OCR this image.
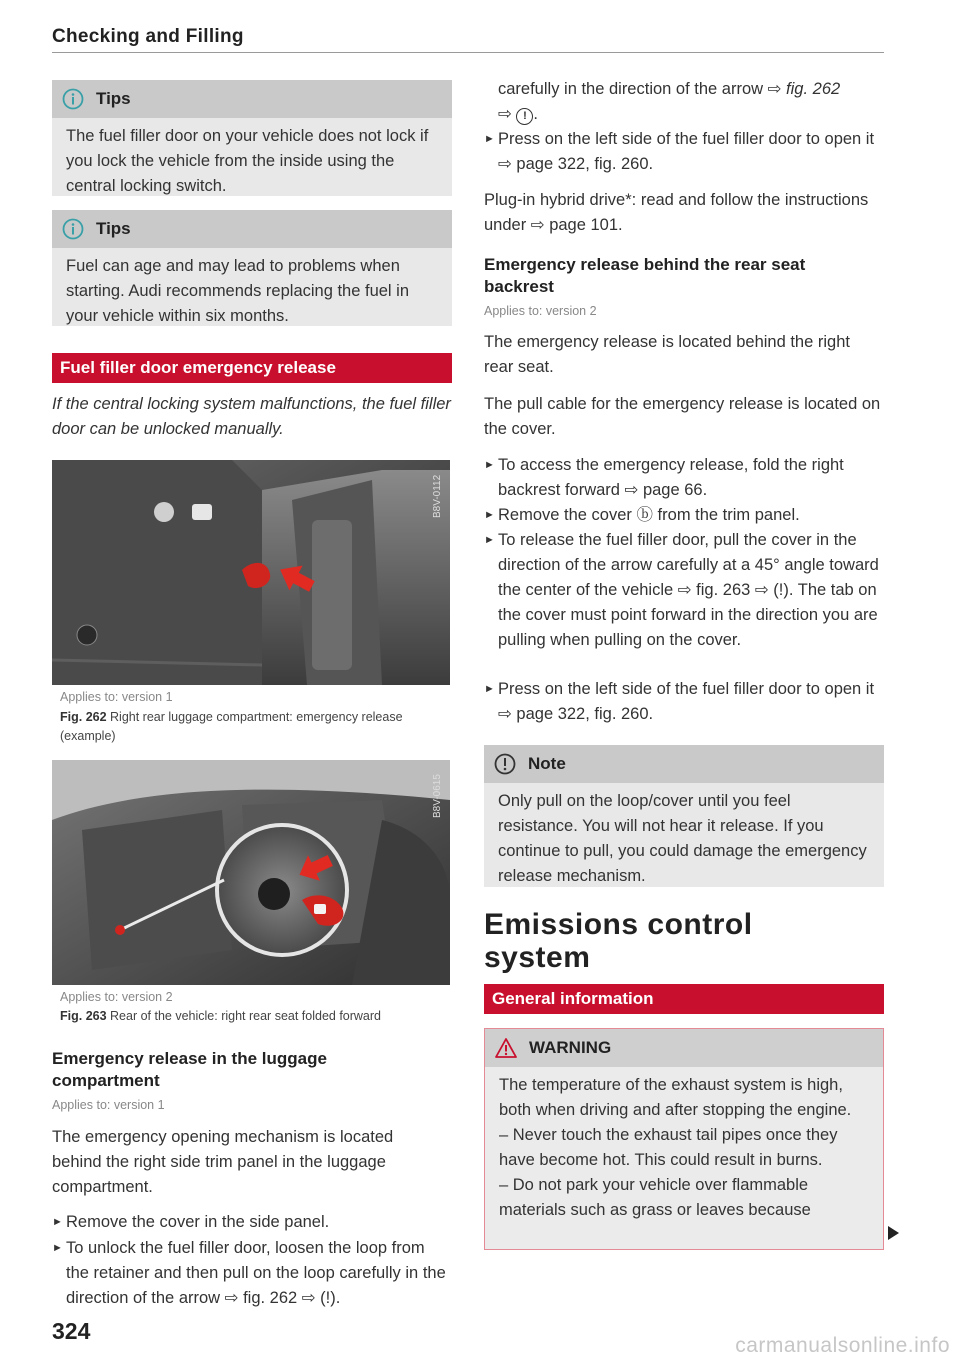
Checking and Filling
Tips
The fuel filler door on your vehicle does not lock if you lock the vehicle from the inside using the central locking switch.
Tips
Fuel can age and may lead to problems when starting. Audi recommends replacing the fuel in your vehicle within six months.
Fuel filler door emergency release
If the central locking system malfunctions, the fuel filler door can be unlocked manually.
B8V-0112
Applies to: version 1
Fig. 262 Right rear luggage compartment: emergency release (example)
B8V-0615
Applies to: version 2
Fig. 263 Rear of the vehicle: right rear seat folded forward
Emergency release in the luggage compartment
Applies to: version 1
The emergency opening mechanism is located behind the right side trim panel in the luggage compartment.
► Remove the cover in the side panel.
► To unlock the fuel filler door, loosen the loop from the retainer and then pull on the loop carefully in the direction of the arrow ⇨ fig. 262 ⇨ (!).
324
carefully in the direction of the arrow ⇨ fig. 262
⇨ ! .
► Press on the left side of the fuel filler door to open it ⇨ page 322, fig. 260.
Plug-in hybrid drive*: read and follow the instructions under ⇨ page 101.
Emergency release behind the rear seat backrest
Applies to: version 2
The emergency release is located behind the right rear seat.
The pull cable for the emergency release is located on the cover.
► To access the emergency release, fold the right backrest forward ⇨ page 66.
► Remove the cover ⓑ from the trim panel.
► To release the fuel filler door, pull the cover in the direction of the arrow carefully at a 45° angle toward the center of the vehicle ⇨ fig. 263 ⇨ (!). The tab on the cover must point forward in the direction you are pulling when pulling on the cover.
► Press on the left side of the fuel filler door to open it ⇨ page 322, fig. 260.
Note
Only pull on the loop/cover until you feel resistance. You will not hear it release. If you continue to pull, you could damage the emergency release mechanism.
Emissions control system
General information
WARNING
The temperature of the exhaust system is high, both when driving and after stopping the engine.
– Never touch the exhaust tail pipes once they have become hot. This could result in burns.
– Do not park your vehicle over flammable materials such as grass or leaves because
carmanualsonline.info
